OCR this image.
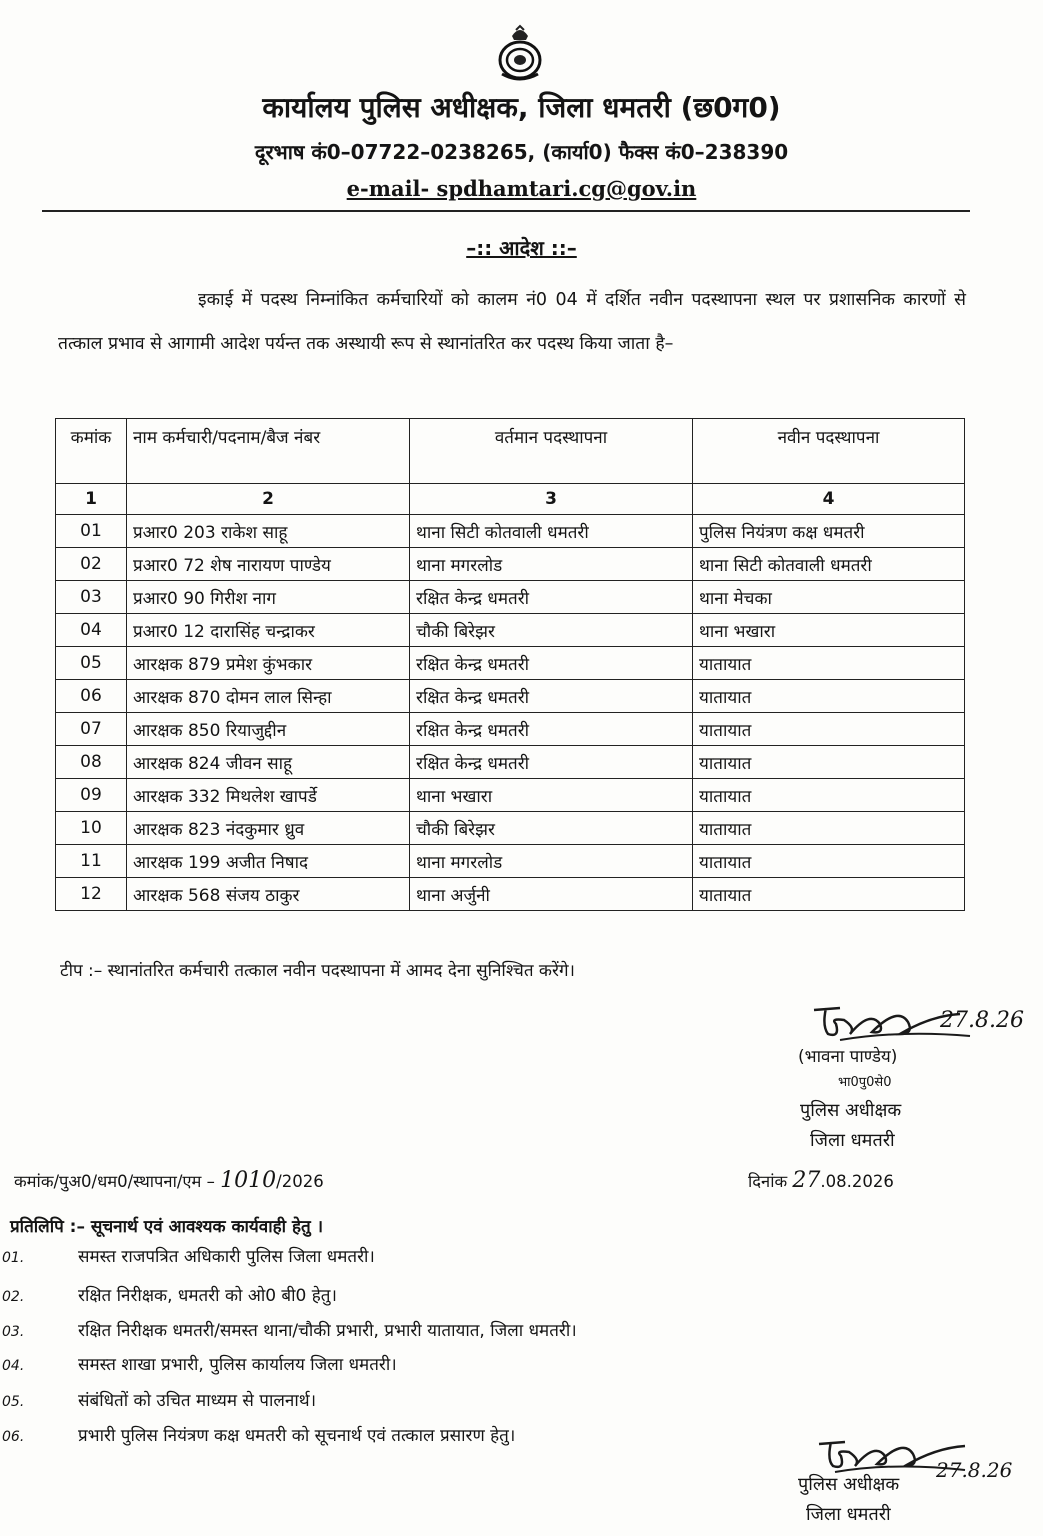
कार्यालय पुलिस अधीक्षक, जिला धमतरी (छ0ग0)
दूरभाष कं0–07722–0238265, (कार्या0) फैक्स कं0–238390
e-mail- spdhamtari.cg@gov.in
–:: आदेश ::–
इकाई में पदस्थ निम्नांकित कर्मचारियों को कालम नं0 04 में दर्शित नवीन पदस्थापना स्थल पर प्रशासनिक कारणों से तत्काल प्रभाव से आगामी आदेश पर्यन्त तक अस्थायी रूप से स्थानांतरित कर पदस्थ किया जाता है–
कमांक	नाम कर्मचारी/पदनाम/बैज नंबर	वर्तमान पदस्थापना	नवीन पदस्थापना
1	2	3	4
01	प्रआर0 203 राकेश साहू	थाना सिटी कोतवाली धमतरी	पुलिस नियंत्रण कक्ष धमतरी
02	प्रआर0 72 शेष नारायण पाण्डेय	थाना मगरलोड	थाना सिटी कोतवाली धमतरी
03	प्रआर0 90 गिरीश नाग	रक्षित केन्द्र धमतरी	थाना मेचका
04	प्रआर0 12 दारासिंह चन्द्राकर	चौकी बिरेझर	थाना भखारा
05	आरक्षक 879 प्रमेश कुंभकार	रक्षित केन्द्र धमतरी	यातायात
06	आरक्षक 870 दोमन लाल सिन्हा	रक्षित केन्द्र धमतरी	यातायात
07	आरक्षक 850 रियाजुद्दीन	रक्षित केन्द्र धमतरी	यातायात
08	आरक्षक 824 जीवन साहू	रक्षित केन्द्र धमतरी	यातायात
09	आरक्षक 332 मिथलेश खापर्डे	थाना भखारा	यातायात
10	आरक्षक 823 नंदकुमार ध्रुव	चौकी बिरेझर	यातायात
11	आरक्षक 199 अजीत निषाद	थाना मगरलोड	यातायात
12	आरक्षक 568 संजय ठाकुर	थाना अर्जुनी	यातायात
टीप :– स्थानांतरित कर्मचारी तत्काल नवीन पदस्थापना में आमद देना सुनिश्चित करेंगे।
27.8.26
(भावना पाण्डेय)
भा0पु0से0
पुलिस अधीक्षक
जिला धमतरी
कमांक/पुअ0/धम0/स्थापना/एम – 1010/2026	दिनांक 27.08.2026
प्रतिलिपि :– सूचनार्थ एवं आवश्यक कार्यवाही हेतु ।
01.	समस्त राजपत्रित अधिकारी पुलिस जिला धमतरी।
02.	रक्षित निरीक्षक, धमतरी को ओ0 बी0 हेतु।
03.	रक्षित निरीक्षक धमतरी/समस्त थाना/चौकी प्रभारी, प्रभारी यातायात, जिला धमतरी।
04.	समस्त शाखा प्रभारी, पुलिस कार्यालय जिला धमतरी।
05.	संबंधितों को उचित माध्यम से पालनार्थ।
06.	प्रभारी पुलिस नियंत्रण कक्ष धमतरी को सूचनार्थ एवं तत्काल प्रसारण हेतु।
27.8.26
पुलिस अधीक्षक
जिला धमतरी
